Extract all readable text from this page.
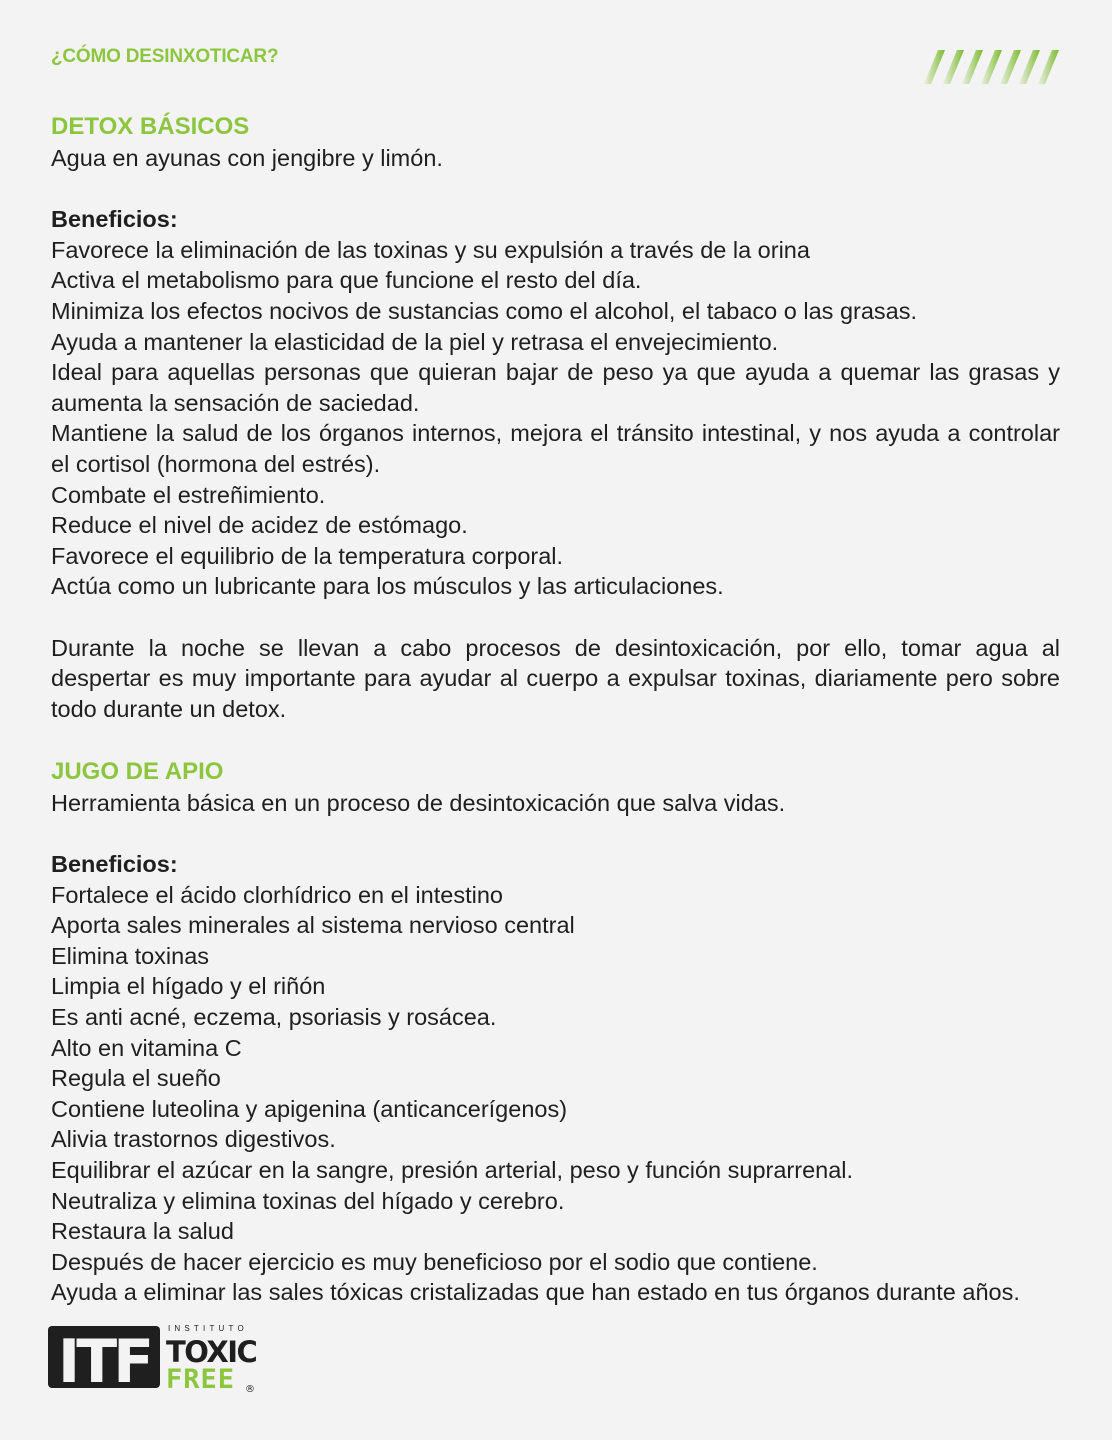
¿CÓMO DESINXOTICAR?
DETOX BÁSICOS

Agua en ayunas con jengibre y limón.

Beneficios:

Favorece la eliminación de las toxinas y su expulsión a través de la orina

Activa el metabolismo para que funcione el resto del día.

Minimiza los efectos nocivos de sustancias como el alcohol, el tabaco o las grasas.

Ayuda a mantener la elasticidad de la piel y retrasa el envejecimiento.

Ideal para aquellas personas que quieran bajar de peso ya que ayuda a quemar las grasas y aumenta la sensación de saciedad.

Mantiene la salud de los órganos internos, mejora el tránsito intestinal, y nos ayuda a controlar el cortisol (hormona del estrés).

Combate el estreñimiento.

Reduce el nivel de acidez de estómago.

Favorece el equilibrio de la temperatura corporal.

Actúa como un lubricante para los músculos y las articulaciones.

Durante la noche se llevan a cabo procesos de desintoxicación, por ello, tomar agua al despertar es muy importante para ayudar al cuerpo a expulsar toxinas, diariamente pero sobre todo durante un detox.

JUGO DE APIO

Herramienta básica en un proceso de desintoxicación que salva vidas.

Beneficios:

Fortalece el ácido clorhídrico en el intestino

Aporta sales minerales al sistema nervioso central

Elimina toxinas

Limpia el hígado y el riñón

Es anti acné, eczema, psoriasis y rosácea.

Alto en vitamina C

Regula el sueño

Contiene luteolina y apigenina (anticancerígenos)

Alivia trastornos digestivos.

Equilibrar el azúcar en la sangre, presión arterial, peso y función suprarrenal.

Neutraliza y elimina toxinas del hígado y cerebro.

Restaura la salud

Después de hacer ejercicio es muy beneficioso por el sodio que contiene.

Ayuda a eliminar las sales tóxicas cristalizadas que han estado en tus órganos durante años.

ITF INSTITUTO
TOXIC
FREE ®
